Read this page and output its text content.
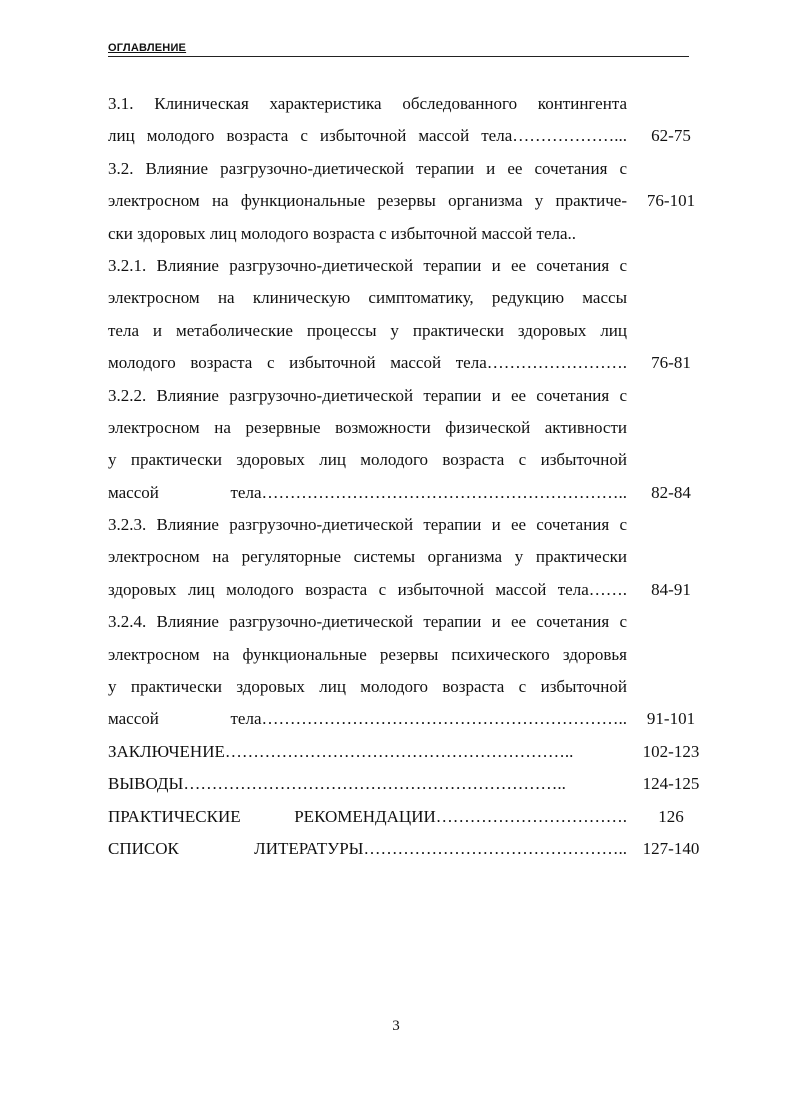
ОГЛАВЛЕНИЕ
3.1. Клиническая характеристика обследованного контингента
лиц молодого возраста с избыточной массой тела………………...	62-75
3.2. Влияние разгрузочно-диетической терапии и ее сочетания с
электросном на функциональные резервы организма у практиче-	76-101
ски здоровых лиц молодого возраста с избыточной массой тела..
3.2.1. Влияние разгрузочно-диетической терапии и ее сочетания с
электросном на клиническую симптоматику, редукцию массы
тела и метаболические процессы у практически здоровых лиц
молодого возраста с избыточной массой тела…………………….	76-81
3.2.2. Влияние разгрузочно-диетической терапии и ее сочетания с
электросном на резервные возможности физической активности
у практически здоровых лиц молодого возраста с избыточной
массой тела………………………………………………………..	82-84
3.2.3. Влияние разгрузочно-диетической терапии и ее сочетания с
электросном на регуляторные системы организма у практически
здоровых лиц молодого возраста с избыточной массой тела…….	84-91
3.2.4. Влияние разгрузочно-диетической терапии и ее сочетания с
электросном на функциональные резервы психического здоровья
у практически здоровых лиц молодого возраста с избыточной
массой тела………………………………………………………..	91-101
ЗАКЛЮЧЕНИЕ……………………………………………………..	102-123
ВЫВОДЫ…………………………………………………………..	124-125
ПРАКТИЧЕСКИЕ РЕКОМЕНДАЦИИ…………………………….	126
СПИСОК ЛИТЕРАТУРЫ……………………………………….. 127-140
3
